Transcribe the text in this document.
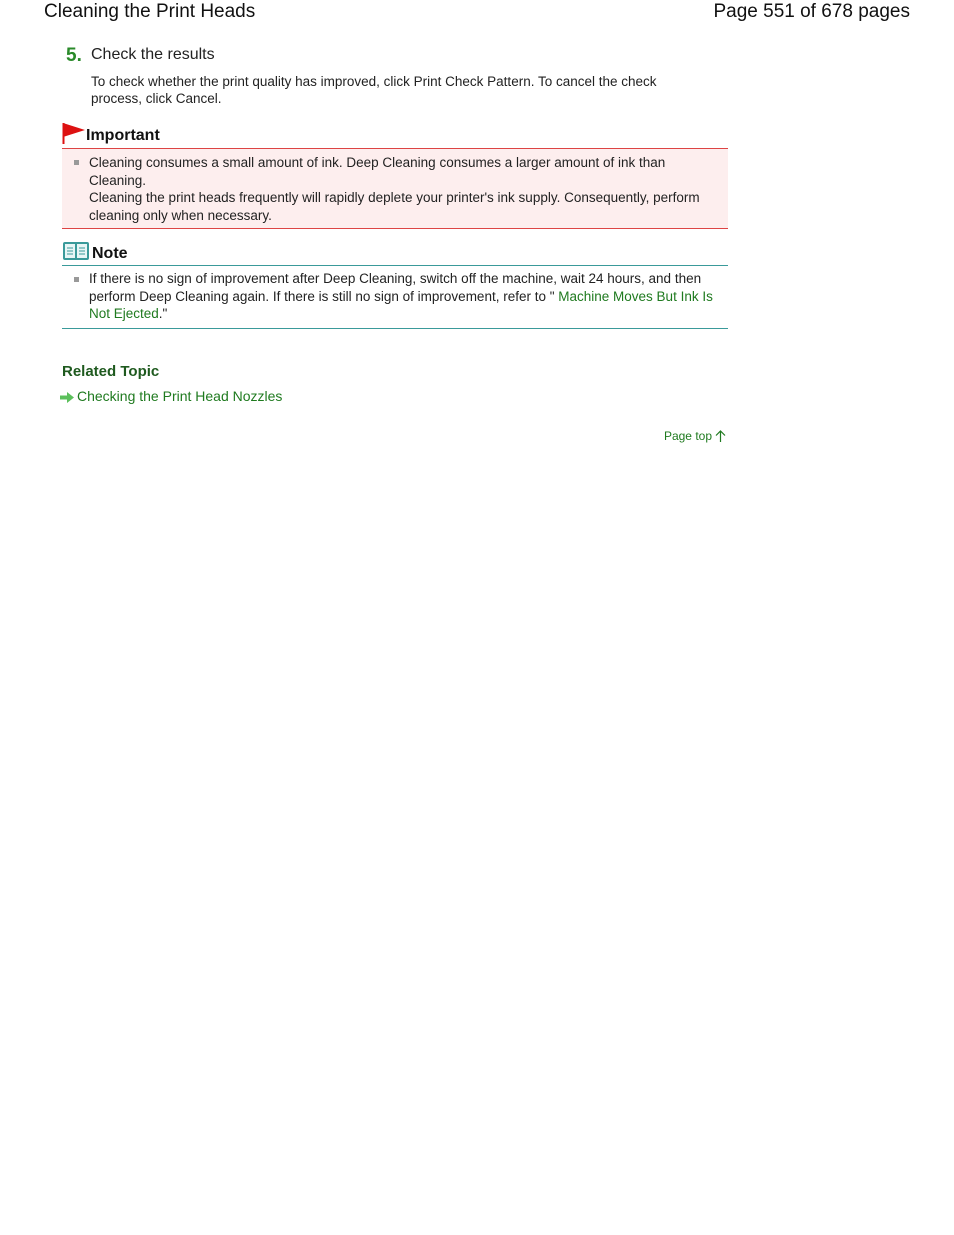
Cleaning the Print Heads	Page 551 of 678 pages
5. Check the results
To check whether the print quality has improved, click Print Check Pattern. To cancel the check process, click Cancel.
Important
Cleaning consumes a small amount of ink. Deep Cleaning consumes a larger amount of ink than Cleaning.
Cleaning the print heads frequently will rapidly deplete your printer's ink supply. Consequently, perform cleaning only when necessary.
Note
If there is no sign of improvement after Deep Cleaning, switch off the machine, wait 24 hours, and then perform Deep Cleaning again. If there is still no sign of improvement, refer to " Machine Moves But Ink Is Not Ejected."
Related Topic
Checking the Print Head Nozzles
Page top
